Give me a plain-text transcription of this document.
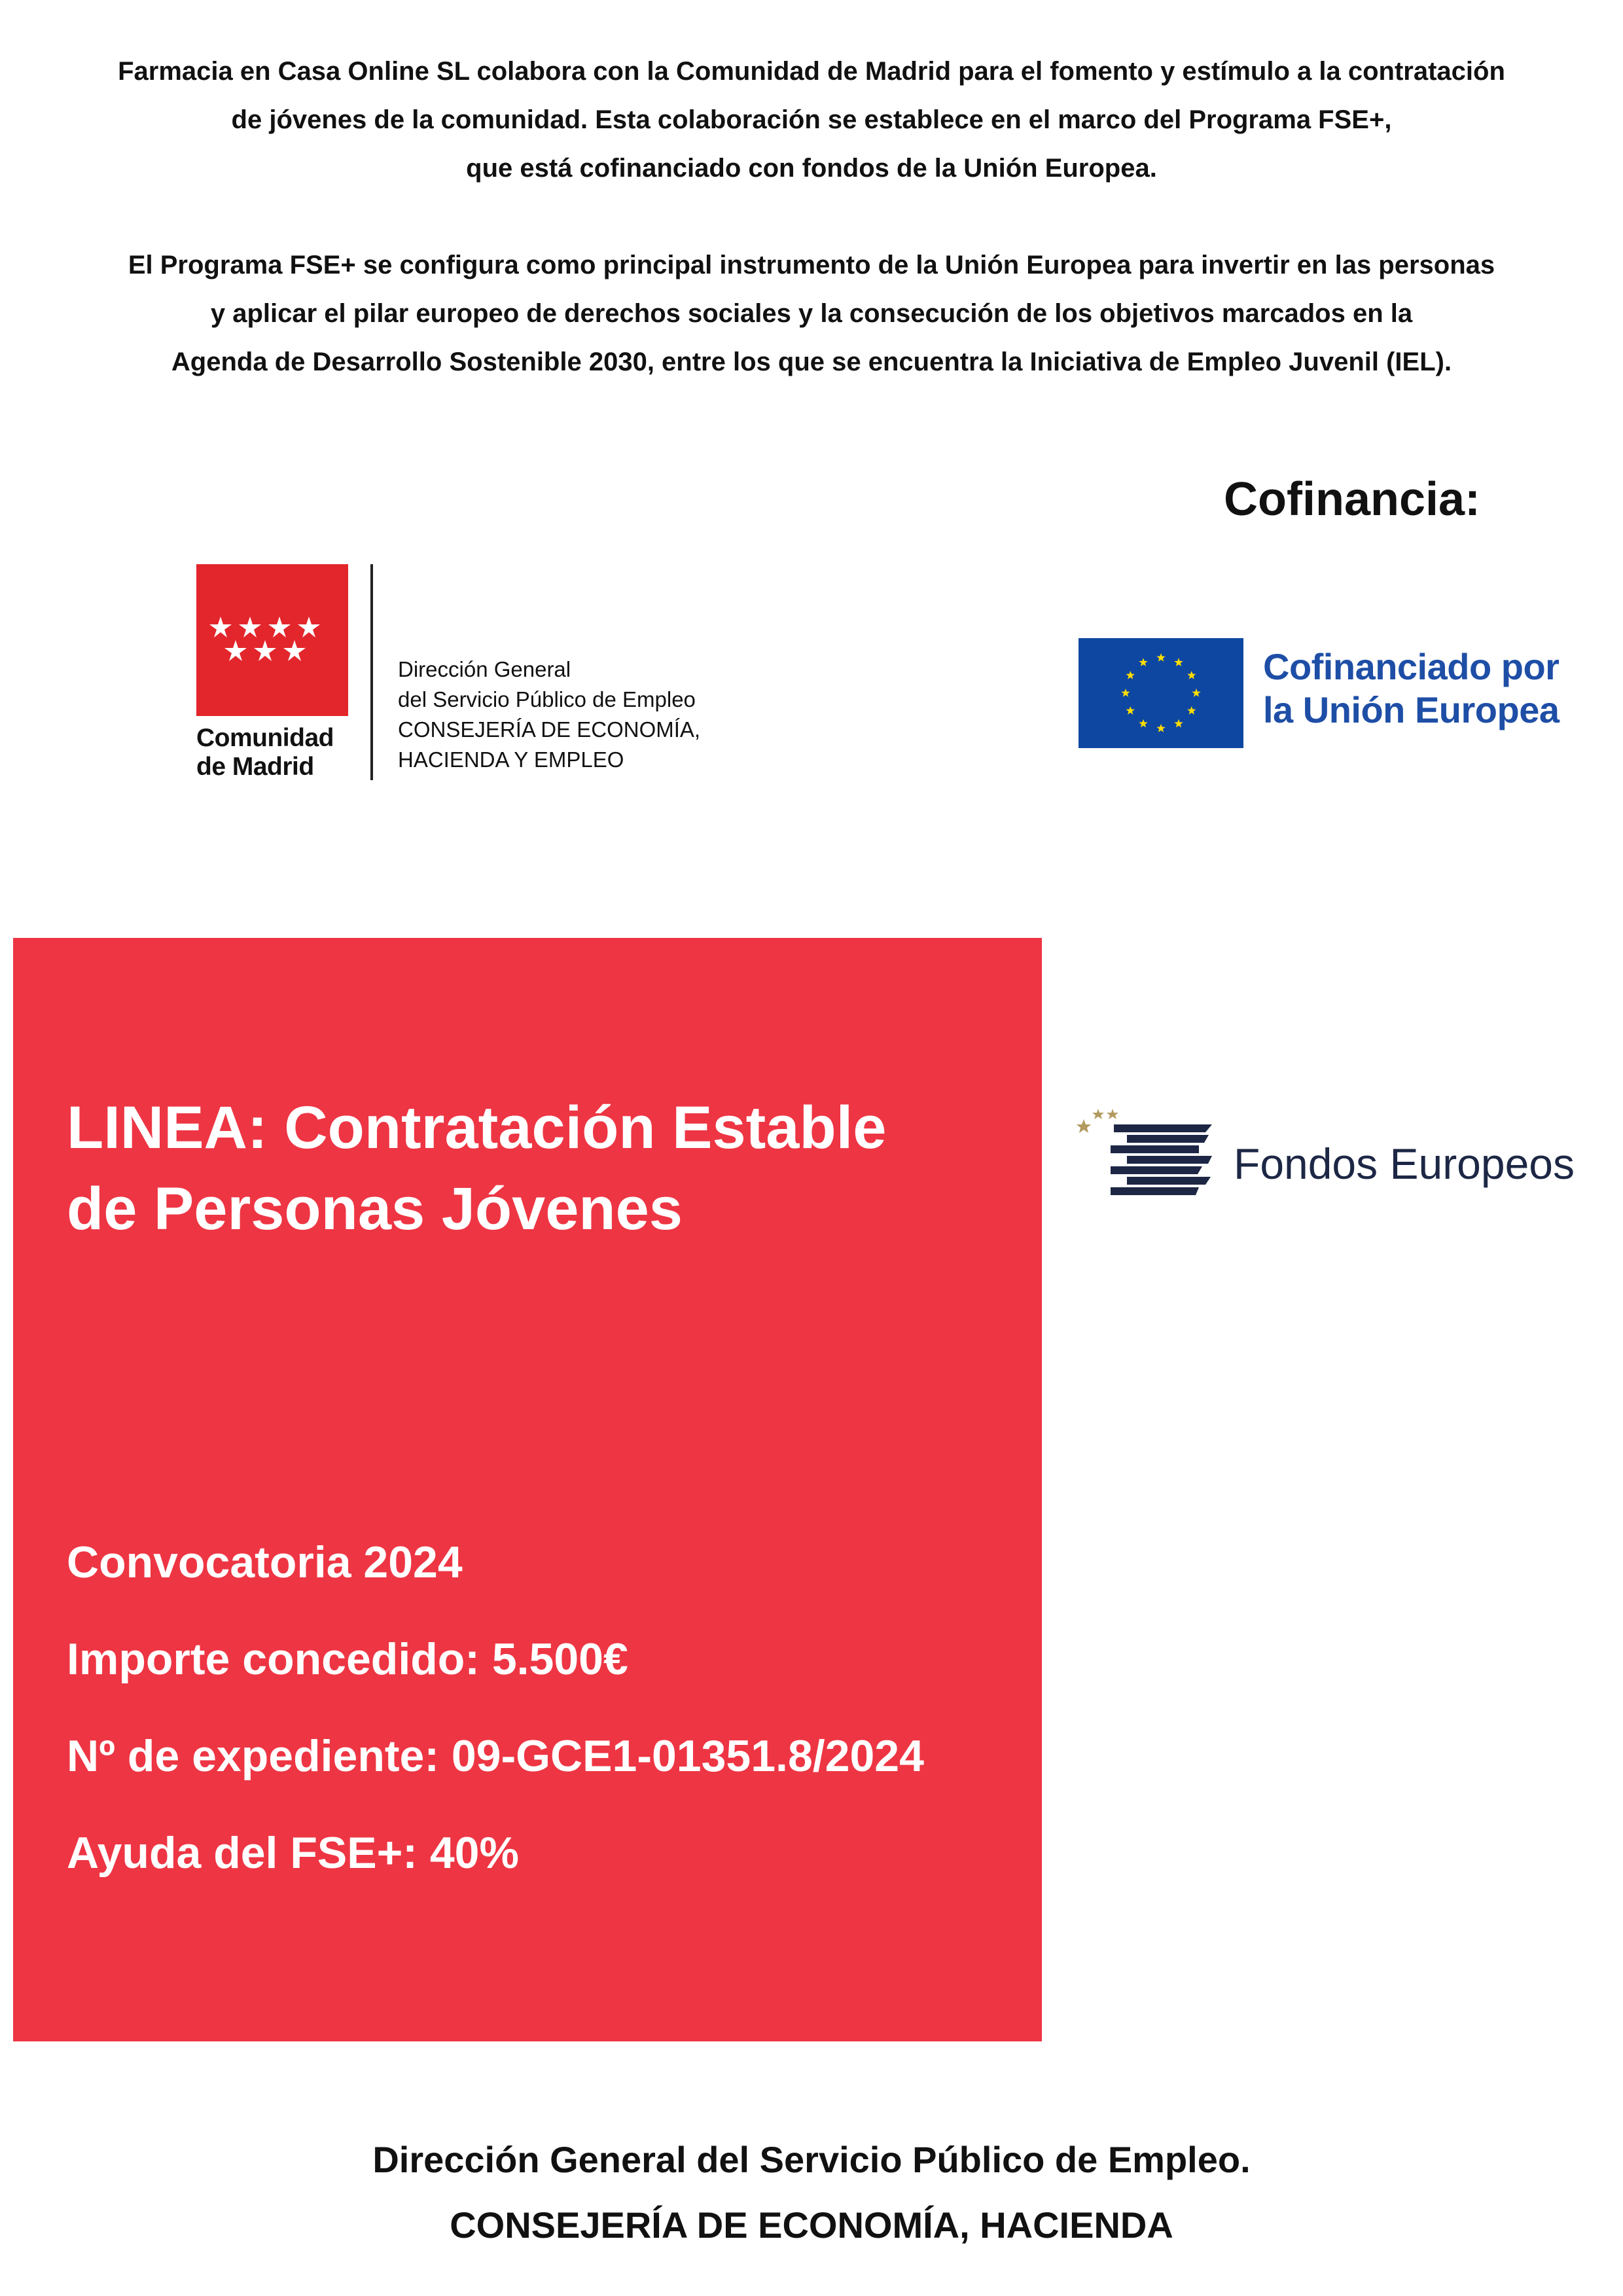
Farmacia en Casa Online SL colabora con la Comunidad de Madrid para el fomento y estímulo a la contratación

de jóvenes de la comunidad. Esta colaboración se establece en el marco del Programa FSE+,

que está cofinanciado con fondos de la Unión Europea.

El Programa FSE+ se configura como principal instrumento de la Unión Europea para invertir en las personas

y aplicar el pilar europeo de derechos sociales y la consecución de los objetivos marcados en la

Agenda de Desarrollo Sostenible 2030, entre los que se encuentra la Iniciativa de Empleo Juvenil (IEL).

Cofinancia:
Comunidad
de Madrid
Dirección General
del Servicio Público de Empleo
CONSEJERÍA DE ECONOMÍA,
HACIENDA Y EMPLEO
Cofinanciado por
la Unión Europea
LINEA: Contratación Estable
de Personas Jóvenes
Convocatoria 2024
Importe concedido: 5.500€
Nº de expediente: 09-GCE1-01351.8/2024
Ayuda del FSE+: 40%
Fondos Europeos
Dirección General del Servicio Público de Empleo.
CONSEJERÍA DE ECONOMÍA, HACIENDA
